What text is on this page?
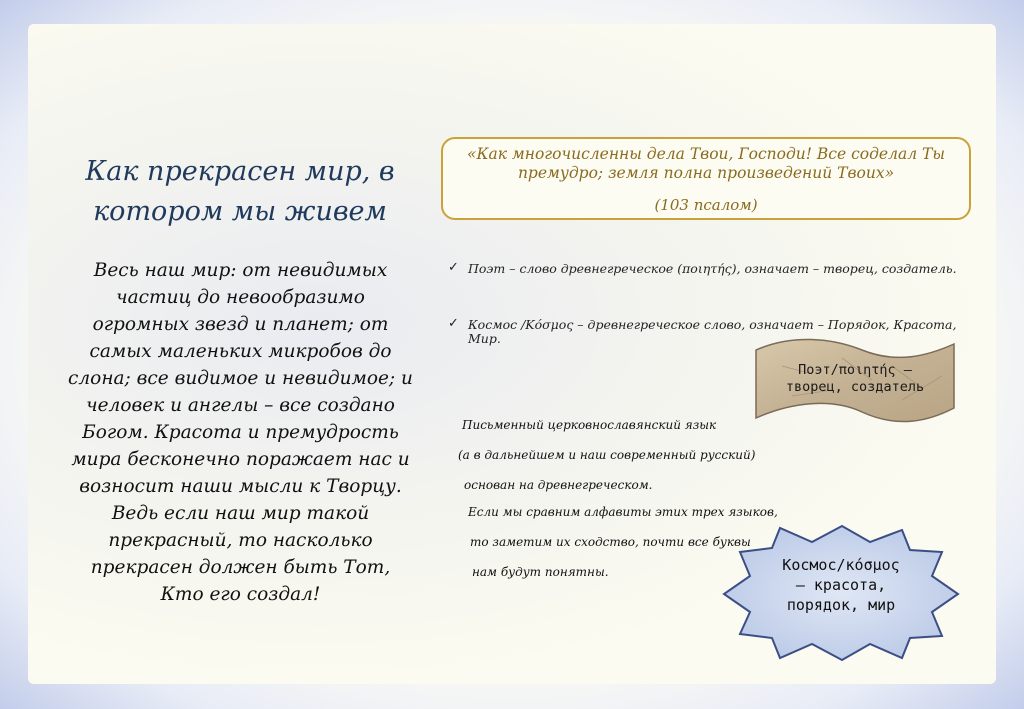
Как прекрасен мир, в котором мы живем

Весь наш мир: от невидимых частиц до невообразимо огромных звезд и планет; от самых маленьких микробов до слона; все видимое и невидимое; и человек и ангелы – все создано Богом. Красота и премудрость мира бесконечно поражает нас и возносит наши мысли к Творцу. Ведь если наш мир такой прекрасный, то насколько прекрасен должен быть Тот, Кто его создал!

«Как многочисленны дела Твои, Господи! Все соделал Ты премудро; земля полна произведений Твоих»
(103 псалом)
✓ Поэт – слово древнегреческое (ποιητής), означает – творец, создатель.
✓ Космос /Κόσμος – древнегреческое слово, означает – Порядок, Красота, Мир.
Письменный церковнославянский язык
(а в дальнейшем и наш современный русский)
основан на древнегреческом.
Если мы сравним алфавиты этих трех языков,
то заметим их сходство, почти все буквы
нам будут понятны.
Поэт/ποιητής –
творец, создатель
Космос/κόσμος
– красота,
порядок, мир
